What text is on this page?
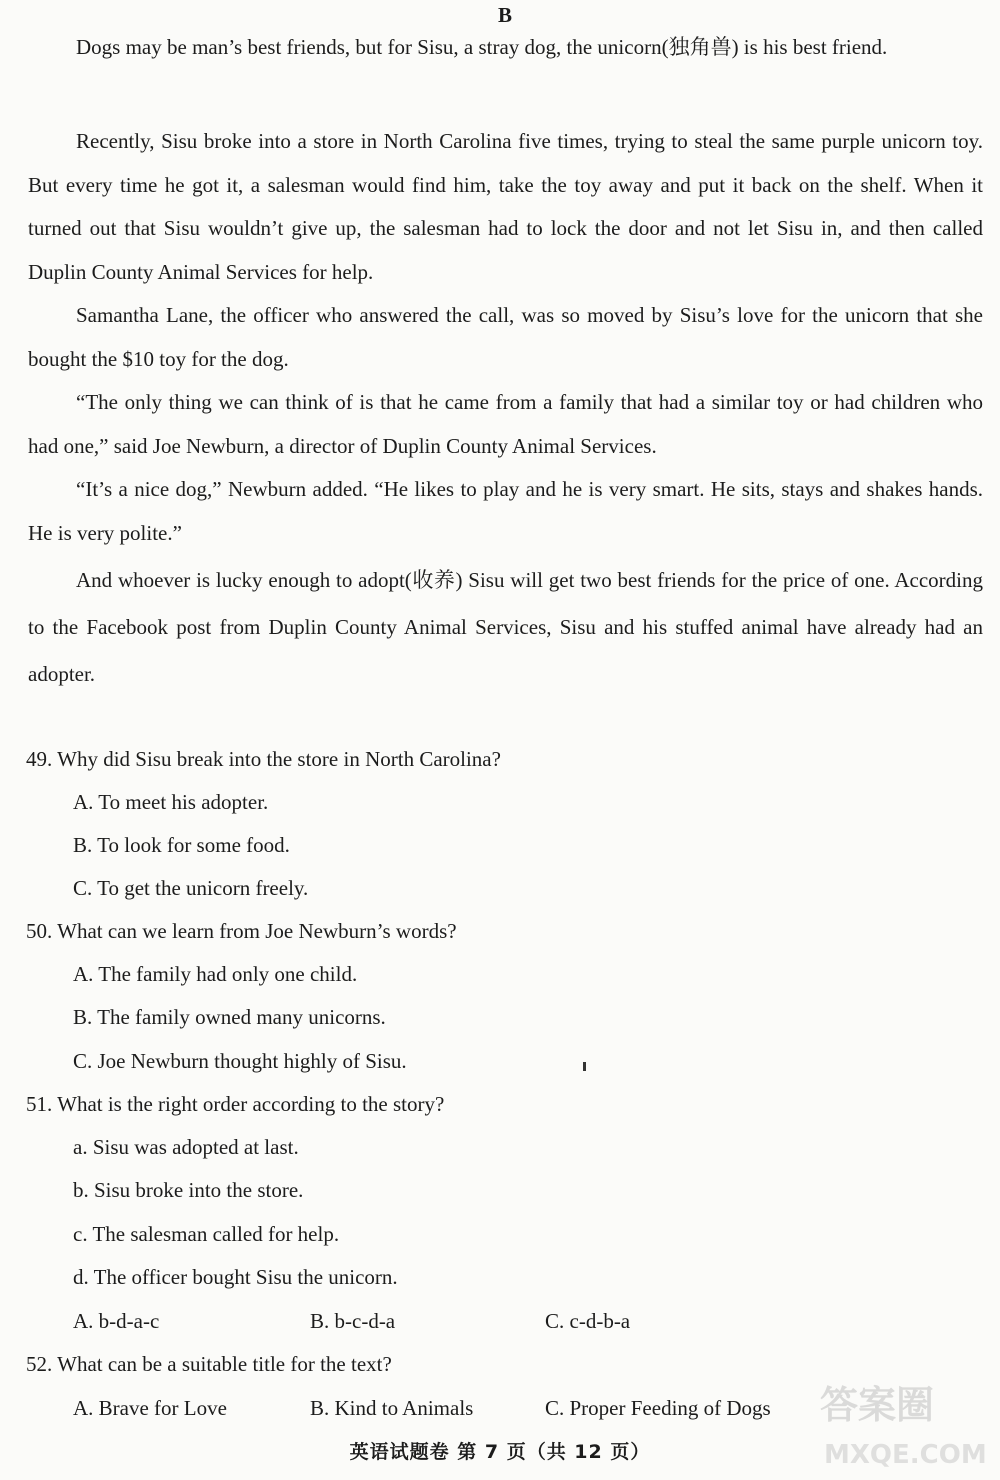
B

Dogs may be man’s best friends, but for Sisu, a stray dog, the unicorn(独角兽) is his best friend.

Recently, Sisu broke into a store in North Carolina five times, trying to steal the same purple unicorn toy. But every time he got it, a salesman would find him, take the toy away and put it back on the shelf. When it turned out that Sisu wouldn’t give up, the salesman had to lock the door and not let Sisu in, and then called Duplin County Animal Services for help.

Samantha Lane, the officer who answered the call, was so moved by Sisu’s love for the unicorn that she bought the $10 toy for the dog.

“The only thing we can think of is that he came from a family that had a similar toy or had children who had one,” said Joe Newburn, a director of Duplin County Animal Services.

“It’s a nice dog,” Newburn added. “He likes to play and he is very smart. He sits, stays and shakes hands. He is very polite.”

And whoever is lucky enough to adopt(收养) Sisu will get two best friends for the price of one. According to the Facebook post from Duplin County Animal Services, Sisu and his stuffed animal have already had an adopter.

49. Why did Sisu break into the store in North Carolina?
A. To meet his adopter.
B. To look for some food.
C. To get the unicorn freely.
50. What can we learn from Joe Newburn’s words?
A. The family had only one child.
B. The family owned many unicorns.
C. Joe Newburn thought highly of Sisu.
51. What is the right order according to the story?
a. Sisu was adopted at last.
b. Sisu broke into the store.
c. The salesman called for help.
d. The officer bought Sisu the unicorn.
A. b-d-a-c	B. b-c-d-a	C. c-d-b-a
52. What can be a suitable title for the text?
A. Brave for Love	B. Kind to Animals	C. Proper Feeding of Dogs
英语试题卷 第 7 页（共 12 页）
答案圈
MXQE.COM
